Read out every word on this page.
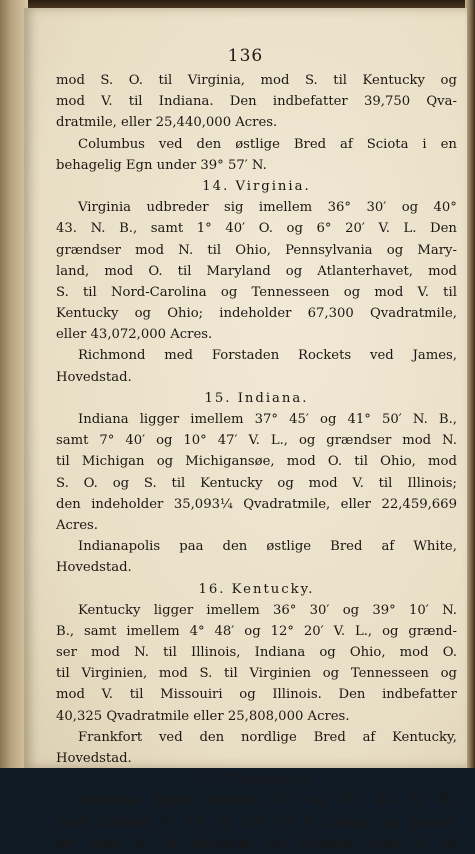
136
mod S. O. til Virginia, mod S. til Kentucky og
mod V. til Indiana. Den indbefatter 39,750 Qva-
dratmile, eller 25,440,000 Acres.
Columbus ved den østlige Bred af Sciota i en
behagelig Egn under 39° 57′ N.
14. Virginia.
Virginia udbreder sig imellem 36° 30′ og 40°
43. N. B., samt 1° 40′ O. og 6° 20′ V. L. Den
grændser mod N. til Ohio, Pennsylvania og Mary-
land, mod O. til Maryland og Atlanterhavet, mod
S. til Nord-Carolina og Tennesseen og mod V. til
Kentucky og Ohio; indeholder 67,300 Qvadratmile,
eller 43,072,000 Acres.
Richmond med Forstaden Rockets ved James,
Hovedstad.
15. Indiana.
Indiana ligger imellem 37° 45′ og 41° 50′ N. B.,
samt 7° 40′ og 10° 47′ V. L., og grændser mod N.
til Michigan og Michigansøe, mod O. til Ohio, mod
S. O. og S. til Kentucky og mod V. til Illinois;
den indeholder 35,093¼ Qvadratmile, eller 22,459,669
Acres.
Indianapolis paa den østlige Bred af White,
Hovedstad.
16. Kentucky.
Kentucky ligger imellem 36° 30′ og 39° 10′ N.
B., samt imellem 4° 48′ og 12° 20′ V. L., og grænd-
ser mod N. til Illinois, Indiana og Ohio, mod O.
til Virginien, mod S. til Virginien og Tennesseen og
mod V. til Missouiri og Illinois. Den indbefatter
40,325 Qvadratmile eller 25,808,000 Acres.
Frankfort ved den nordlige Bred af Kentucky,
Hovedstad.
17. Tennesse.
Tennesse ligger imellem 35° og 36° 40′ N. B.,
samt imellem 4° 16′ og 13° 14′ V. Læng., og grænd-
ser mod N. til Kentucky og Virginia, mod O. til
